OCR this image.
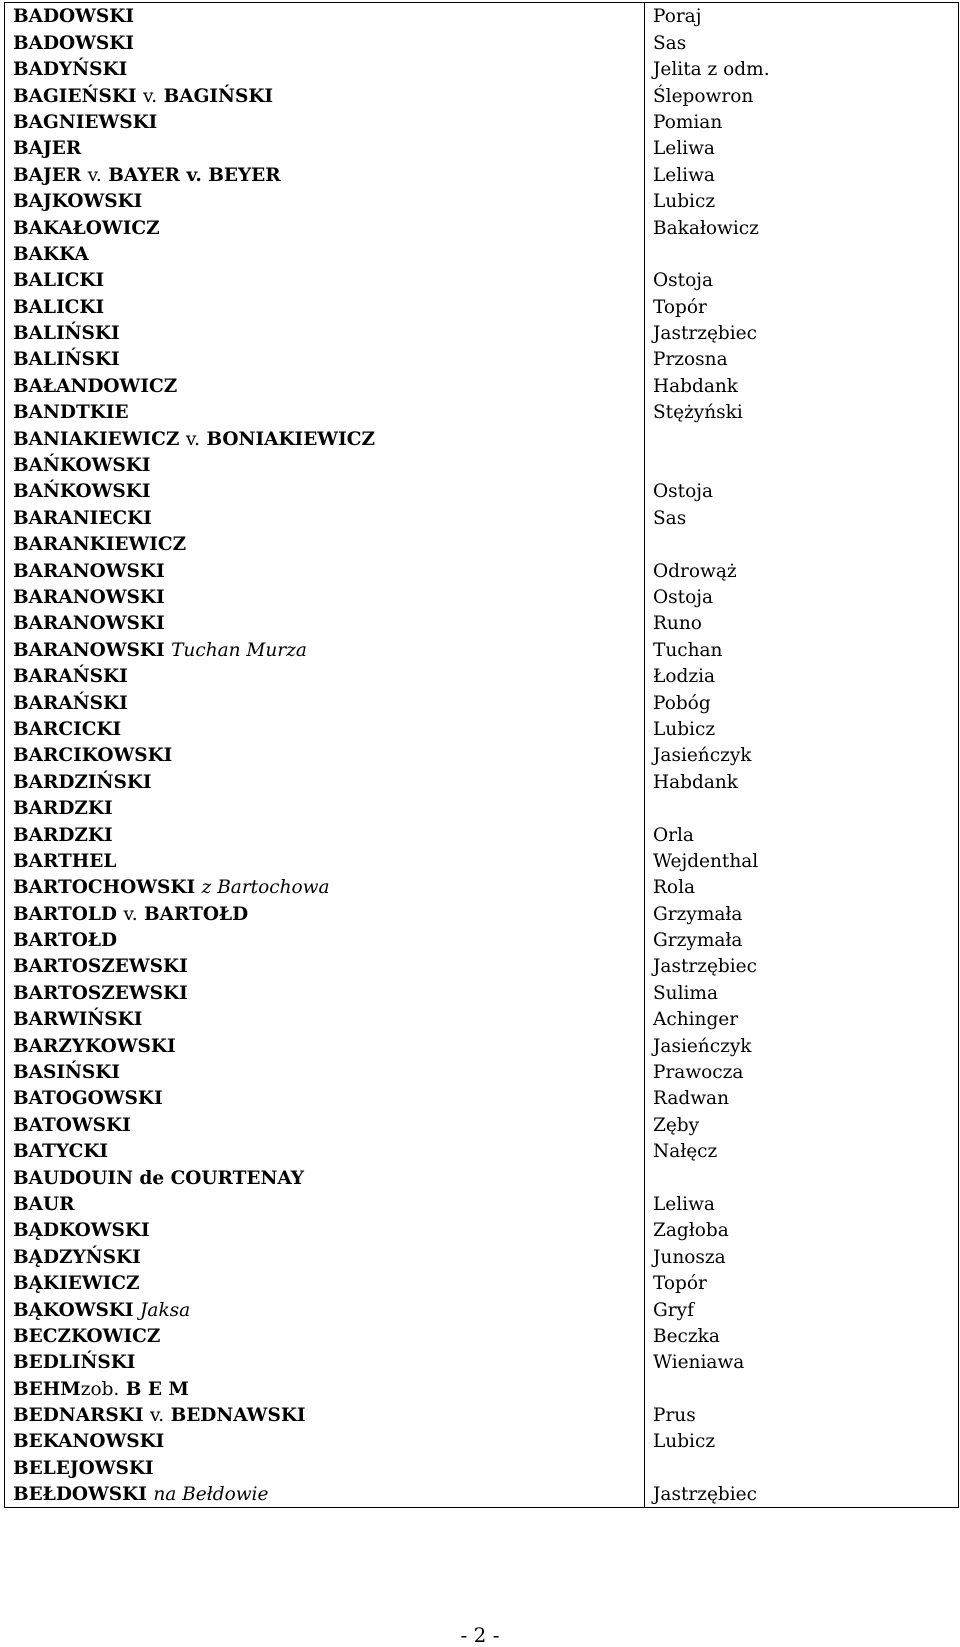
BADOWSKI	Poraj
BADOWSKI	Sas
BADYŃSKI	Jelita z odm.
BAGIEŃSKI v. BAGIŃSKI	Ślepowron
BAGNIEWSKI	Pomian
BAJER	Leliwa
BAJER v. BAYER v. BEYER	Leliwa
BAJKOWSKI	Lubicz
BAKAŁOWICZ	Bakałowicz
BAKKA	
BALICKI	Ostoja
BALICKI	Topór
BALIŃSKI	Jastrzębiec
BALIŃSKI	Przosna
BAŁANDOWICZ	Habdank
BANDTKIE	Stężyński
BANIAKIEWICZ v. BONIAKIEWICZ	
BAŃKOWSKI	
BAŃKOWSKI	Ostoja
BARANIECKI	Sas
BARANKIEWICZ	
BARANOWSKI	Odrowąż
BARANOWSKI	Ostoja
BARANOWSKI	Runo
BARANOWSKI Tuchan Murza	Tuchan
BARAŃSKI	Łodzia
BARAŃSKI	Pobóg
BARCICKI	Lubicz
BARCIKOWSKI	Jasieńczyk
BARDZIŃSKI	Habdank
BARDZKI	
BARDZKI	Orla
BARTHEL	Wejdenthal
BARTOCHOWSKI z Bartochowa	Rola
BARTOLD v. BARTOŁD	Grzymała
BARTOŁD	Grzymała
BARTOSZEWSKI	Jastrzębiec
BARTOSZEWSKI	Sulima
BARWIŃSKI	Achinger
BARZYKOWSKI	Jasieńczyk
BASIŃSKI	Prawocza
BATOGOWSKI	Radwan
BATOWSKI	Zęby
BATYCKI	Nałęcz
BAUDOUIN de COURTENAY	
BAUR	Leliwa
BĄDKOWSKI	Zagłoba
BĄDZYŃSKI	Junosza
BĄKIEWICZ	Topór
BĄKOWSKI Jaksa	Gryf
BECZKOWICZ	Beczka
BEDLIŃSKI	Wieniawa
BEHMzob. B E M	
BEDNARSKI v. BEDNAWSKI	Prus
BEKANOWSKI	Lubicz
BELEJOWSKI	
BEŁDOWSKI na Bełdowie	Jastrzębiec
- 2 -
